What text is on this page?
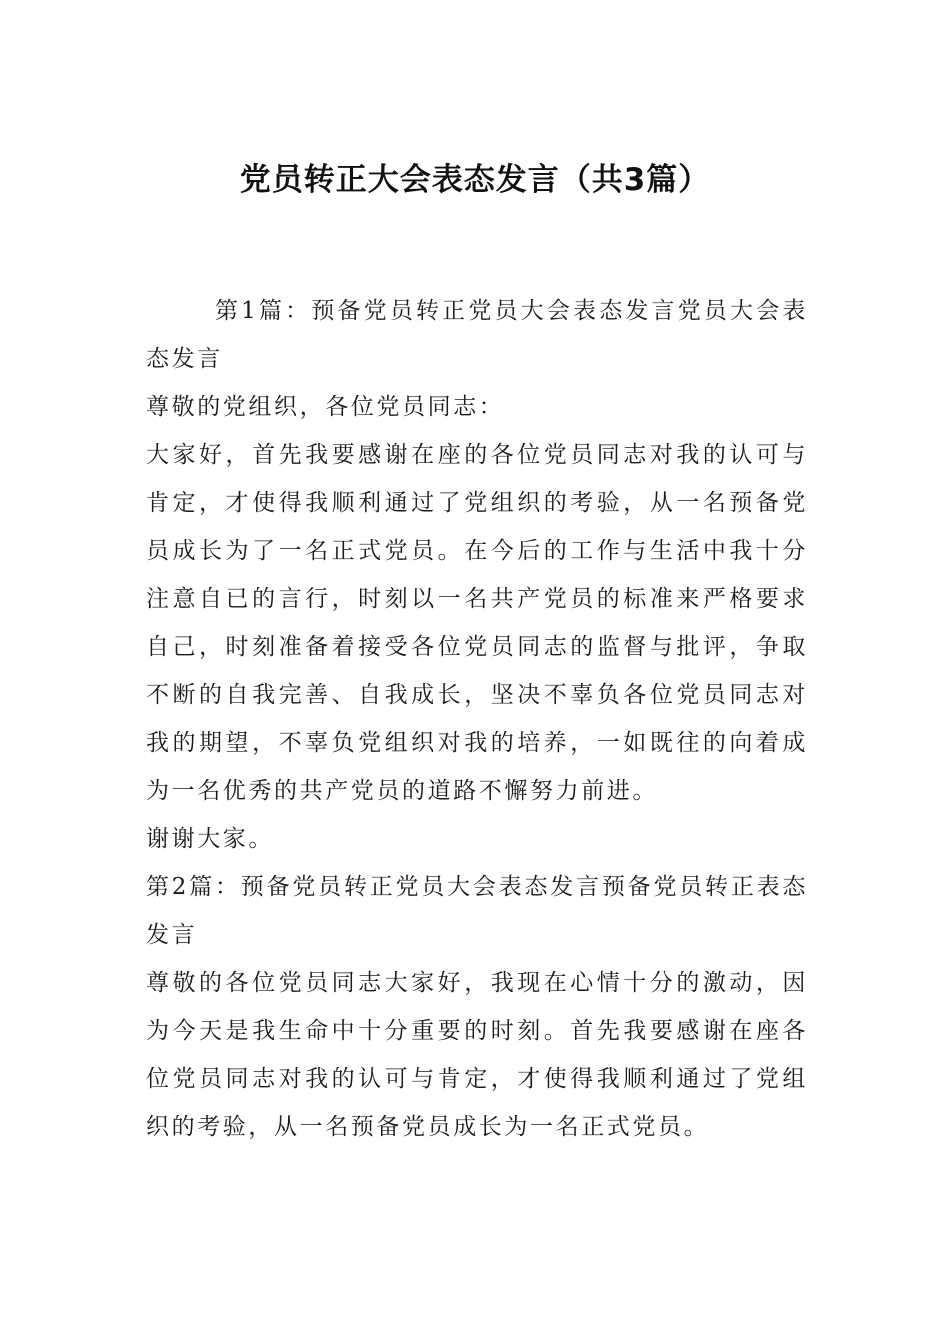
党员转正大会表态发言（共3篇）

第1篇：预备党员转正党员大会表态发言党员大会表态发言

尊敬的党组织，各位党员同志：

大家好，首先我要感谢在座的各位党员同志对我的认可与肯定，才使得我顺利通过了党组织的考验，从一名预备党员成长为了一名正式党员。在今后的工作与生活中我十分注意自已的言行，时刻以一名共产党员的标准来严格要求自己，时刻准备着接受各位党员同志的监督与批评，争取不断的自我完善、自我成长，坚决不辜负各位党员同志对我的期望，不辜负党组织对我的培养，一如既往的向着成为一名优秀的共产党员的道路不懈努力前进。

谢谢大家。

第2篇：预备党员转正党员大会表态发言预备党员转正表态发言

尊敬的各位党员同志大家好，我现在心情十分的激动，因为今天是我生命中十分重要的时刻。首先我要感谢在座各位党员同志对我的认可与肯定，才使得我顺利通过了党组织的考验，从一名预备党员成长为一名正式党员。
